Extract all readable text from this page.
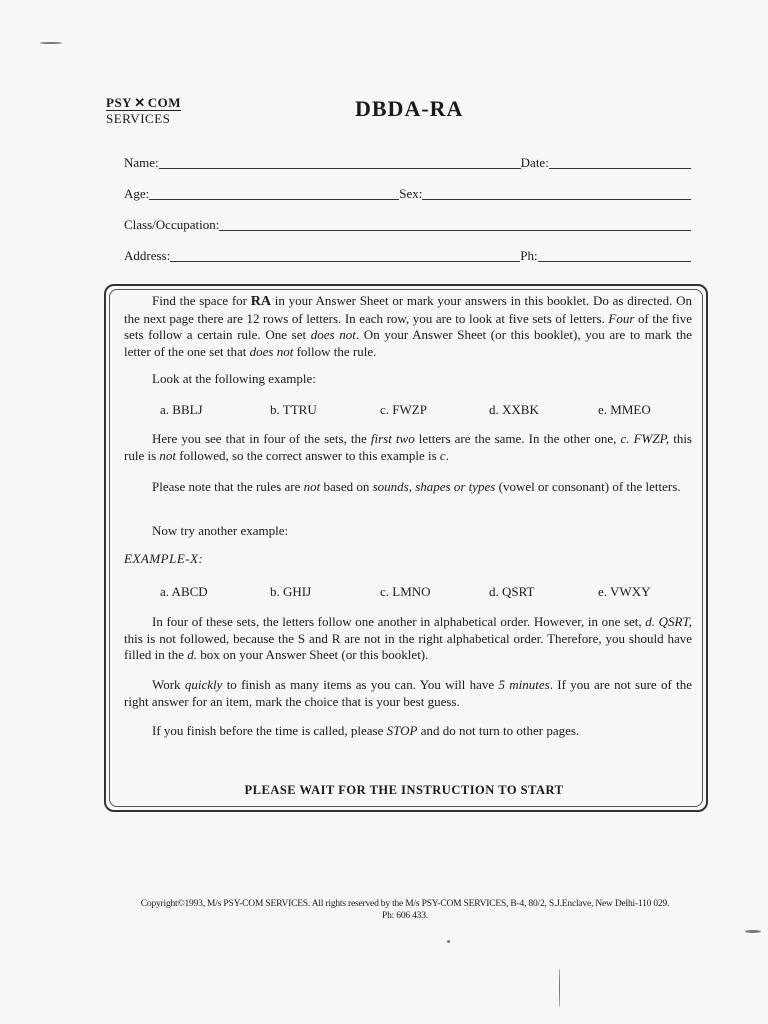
PSY ✕ COM
SERVICES	DBDA-RA
Name:	Date:
Age:	Sex:
Class/Occupation:
Address:	Ph:
Find the space for RA in your Answer Sheet or mark your answers in this booklet. Do as directed. On the next page there are 12 rows of letters. In each row, you are to look at five sets of letters. Four of the five sets follow a certain rule. One set does not. On your Answer Sheet (or this booklet), you are to mark the letter of the one set that does not follow the rule.
Look at the following example:
a. BBLJ	b. TTRU	c. FWZP	d. XXBK	e. MMEO
Here you see that in four of the sets, the first two letters are the same. In the other one, c. FWZP, this rule is not followed, so the correct answer to this example is c.
Please note that the rules are not based on sounds, shapes or types (vowel or consonant) of the letters.
Now try another example:
EXAMPLE-X:
a. ABCD	b. GHIJ	c. LMNO	d. QSRT	e. VWXY
In four of these sets, the letters follow one another in alphabetical order. However, in one set, d. QSRT, this is not followed, because the S and R are not in the right alphabetical order. Therefore, you should have filled in the d. box on your Answer Sheet (or this booklet).
Work quickly to finish as many items as you can. You will have 5 minutes. If you are not sure of the right answer for an item, mark the choice that is your best guess.
If you finish before the time is called, please STOP and do not turn to other pages.
PLEASE WAIT FOR THE INSTRUCTION TO START
Copyright©1993, M/s PSY-COM SERVICES. All rights reserved by the M/s PSY-COM SERVICES, B-4, 80/2, S.J.Enclave, New Delhi-110 029.
Ph: 606 433.
